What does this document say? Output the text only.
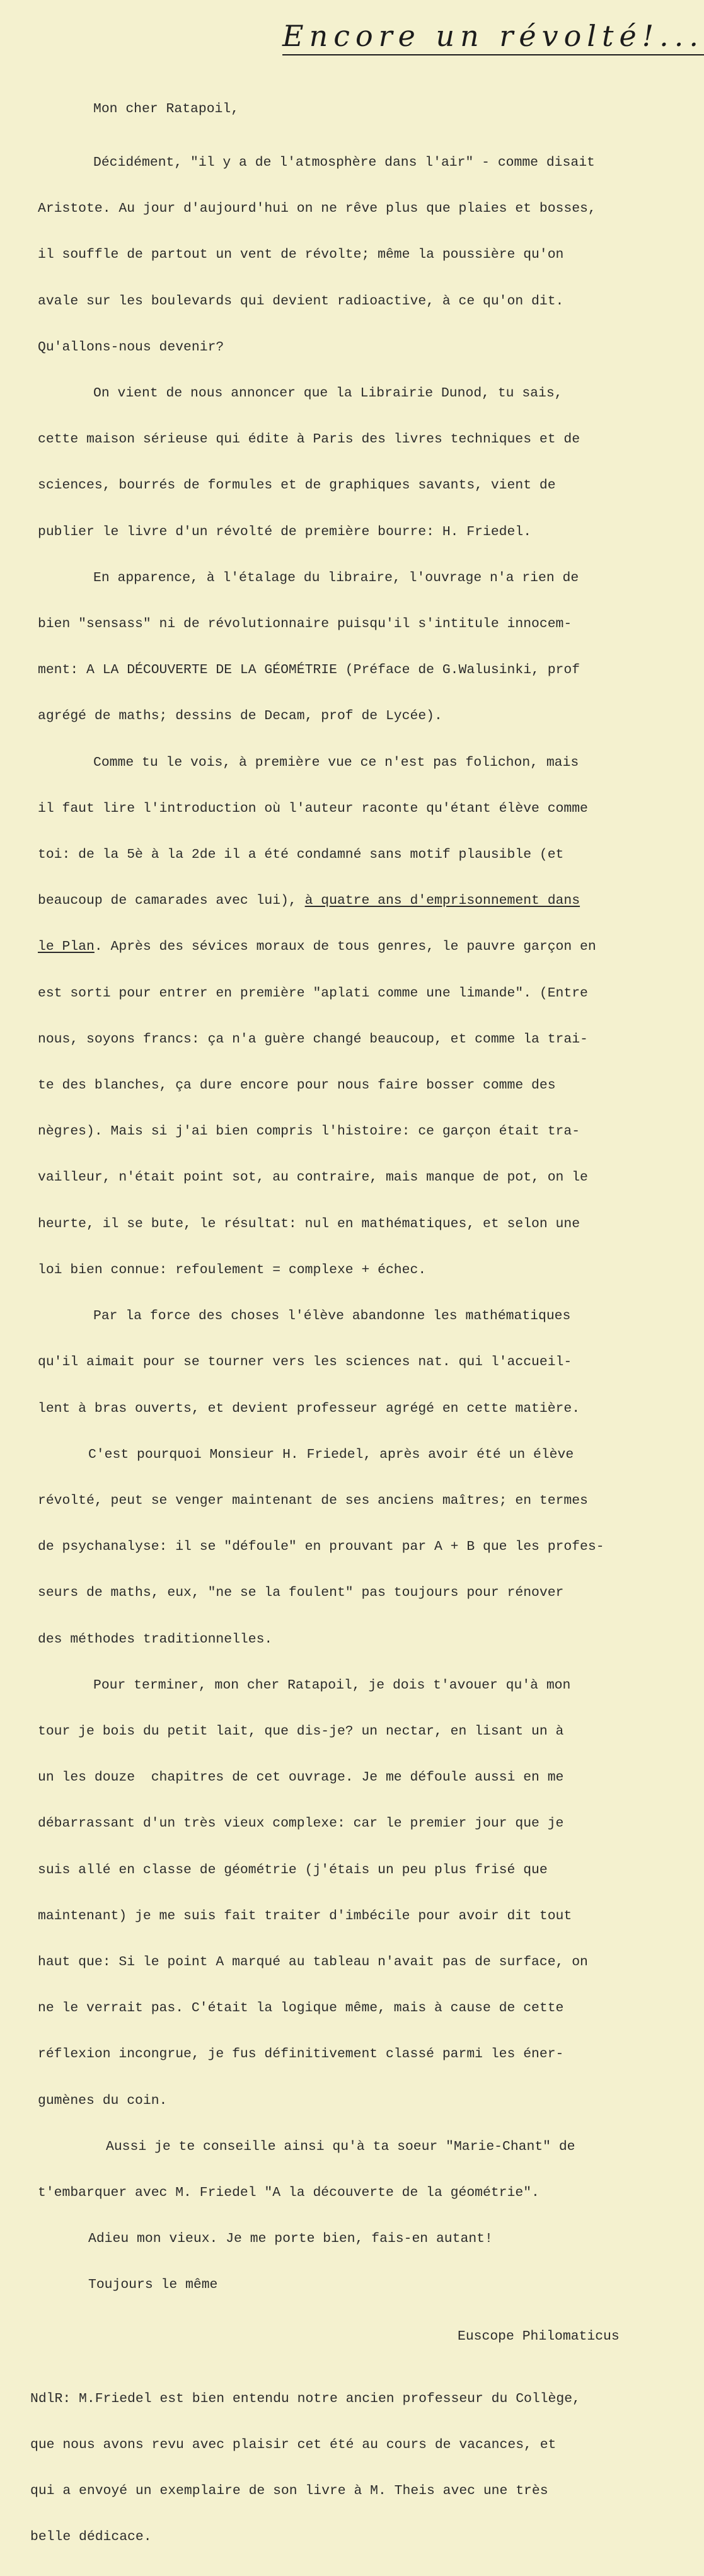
Encore un révolté!...

Mon cher Ratapoil,

Décidément, "il y a de l'atmosphère dans l'air" - comme disait

Aristote. Au jour d'aujourd'hui on ne rêve plus que plaies et bosses,

il souffle de partout un vent de révolte; même la poussière qu'on

avale sur les boulevards qui devient radioactive, à ce qu'on dit.

Qu'allons-nous devenir?

On vient de nous annoncer que la Librairie Dunod, tu sais,

cette maison sérieuse qui édite à Paris des livres techniques et de

sciences, bourrés de formules et de graphiques savants, vient de

publier le livre d'un révolté de première bourre: H. Friedel.

En apparence, à l'étalage du libraire, l'ouvrage n'a rien de

bien "sensass" ni de révolutionnaire puisqu'il s'intitule innocem-

ment: A LA DÉCOUVERTE DE LA GÉOMÉTRIE (Préface de G.Walusinki, prof

agrégé de maths; dessins de Decam, prof de Lycée).

Comme tu le vois, à première vue ce n'est pas folichon, mais

il faut lire l'introduction où l'auteur raconte qu'étant élève comme

toi: de la 5è à la 2de il a été condamné sans motif plausible (et

beaucoup de camarades avec lui), à quatre ans d'emprisonnement dans

le Plan. Après des sévices moraux de tous genres, le pauvre garçon en

est sorti pour entrer en première "aplati comme une limande". (Entre

nous, soyons francs: ça n'a guère changé beaucoup, et comme la trai-

te des blanches, ça dure encore pour nous faire bosser comme des

nègres). Mais si j'ai bien compris l'histoire: ce garçon était tra-

vailleur, n'était point sot, au contraire, mais manque de pot, on le

heurte, il se bute, le résultat: nul en mathématiques, et selon une

loi bien connue: refoulement = complexe + échec.

Par la force des choses l'élève abandonne les mathématiques

qu'il aimait pour se tourner vers les sciences nat. qui l'accueil-

lent à bras ouverts, et devient professeur agrégé en cette matière.

C'est pourquoi Monsieur H. Friedel, après avoir été un élève

révolté, peut se venger maintenant de ses anciens maîtres; en termes

de psychanalyse: il se "défoule" en prouvant par A + B que les profes-

seurs de maths, eux, "ne se la foulent" pas toujours pour rénover

des méthodes traditionnelles.

Pour terminer, mon cher Ratapoil, je dois t'avouer qu'à mon

tour je bois du petit lait, que dis-je? un nectar, en lisant un à

un les douze  chapitres de cet ouvrage. Je me défoule aussi en me

débarrassant d'un très vieux complexe: car le premier jour que je

suis allé en classe de géométrie (j'étais un peu plus frisé que

maintenant) je me suis fait traiter d'imbécile pour avoir dit tout

haut que: Si le point A marqué au tableau n'avait pas de surface, on

ne le verrait pas. C'était la logique même, mais à cause de cette

réflexion incongrue, je fus définitivement classé parmi les éner-

gumènes du coin.

Aussi je te conseille ainsi qu'à ta soeur "Marie-Chant" de

t'embarquer avec M. Friedel "A la découverte de la géométrie".

Adieu mon vieux. Je me porte bien, fais-en autant!

Toujours le même

Euscope Philomaticus

NdlR: M.Friedel est bien entendu notre ancien professeur du Collège,

que nous avons revu avec plaisir cet été au cours de vacances, et

qui a envoyé un exemplaire de son livre à M. Theis avec une très

belle dédicace.
